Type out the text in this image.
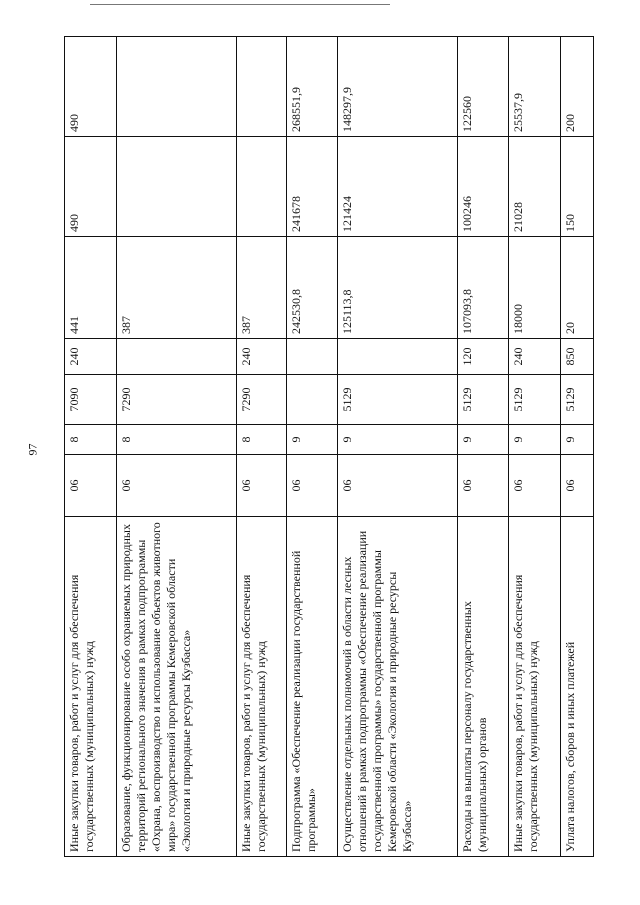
97
Иные закупки товаров, работ и услуг для обеспечения государственных (муниципальных) нужд	06	8	7090	240	441	490	490
Образование, функционирование особо охраняемых природных территорий регионального значения в рамках подпрограммы «Охрана, воспроизводство и использование объектов животного мира» государственной программы Кемеровской области «Экология и природные ресурсы Кузбасса»	06	8	7290		387		
Иные закупки товаров, работ и услуг для обеспечения государственных (муниципальных) нужд	06	8	7290	240	387		
Подпрограмма «Обеспечение реализации государственной программы»	06	9			242530,8	241678	268551,9
Осуществление отдельных полномочий в области лесных отношений в рамках подпрограммы «Обеспечение реализации государственной программы» государственной программы Кемеровской области «Экология и природные ресурсы Кузбасса»	06	9	5129		125113,8	121424	148297,9
Расходы на выплаты персоналу государственных (муниципальных) органов	06	9	5129	120	107093,8	100246	122560
Иные закупки товаров, работ и услуг для обеспечения государственных (муниципальных) нужд	06	9	5129	240	18000	21028	25537,9
Уплата налогов, сборов и иных платежей	06	9	5129	850	20	150	200
